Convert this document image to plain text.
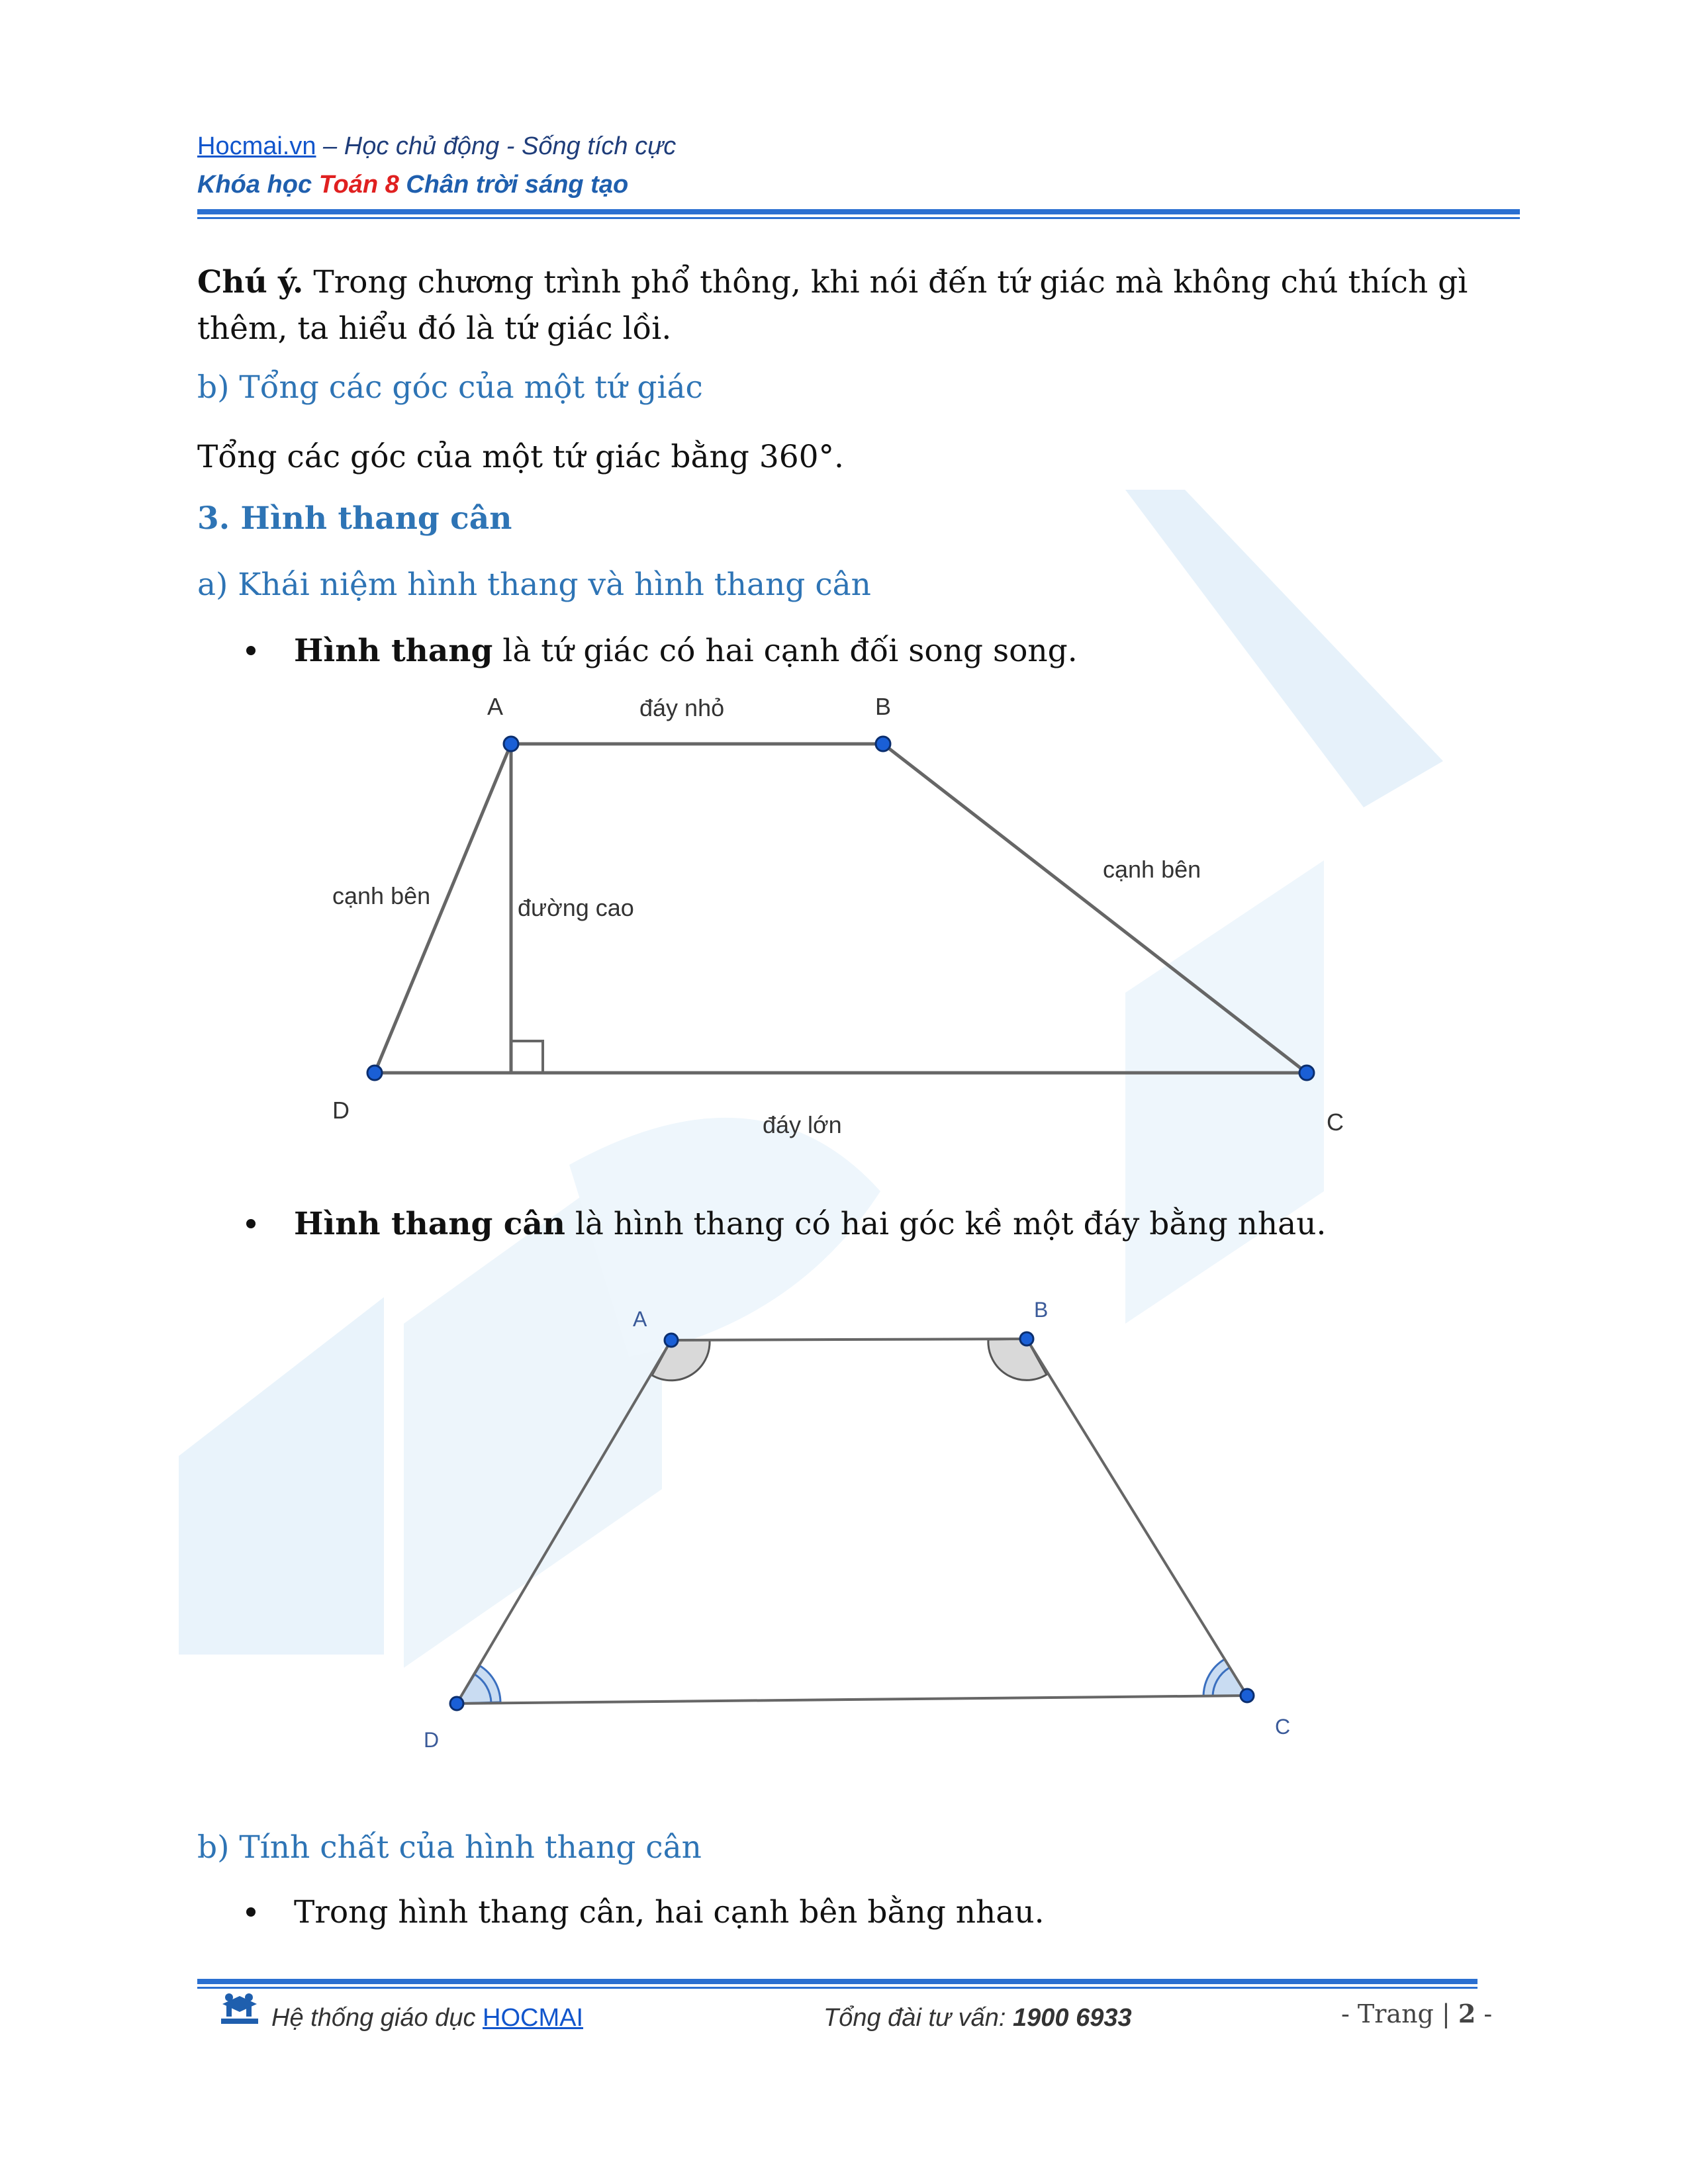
Hocmai.vn – Học chủ động - Sống tích cực
Khóa học Toán 8 Chân trời sáng tạo
Chú ý. Trong chương trình phổ thông, khi nói đến tứ giác mà không chú thích gì thêm, ta hiểu đó là tứ giác lồi.
b) Tổng các góc của một tứ giác
Tổng các góc của một tứ giác bằng 360°.
3. Hình thang cân
a) Khái niệm hình thang và hình thang cân
Hình thang là tứ giác có hai cạnh đối song song.
A	B
C
D
đáy nhỏ
đáy lớn
cạnh bên
cạnh bên
đường cao
Hình thang cân là hình thang có hai góc kề một đáy bằng nhau.
A	B
C
D
b) Tính chất của hình thang cân
Trong hình thang cân, hai cạnh bên bằng nhau.
Hệ thống giáo dục HOCMAI	Tổng đài tư vấn: 1900 6933	- Trang | 2 -
